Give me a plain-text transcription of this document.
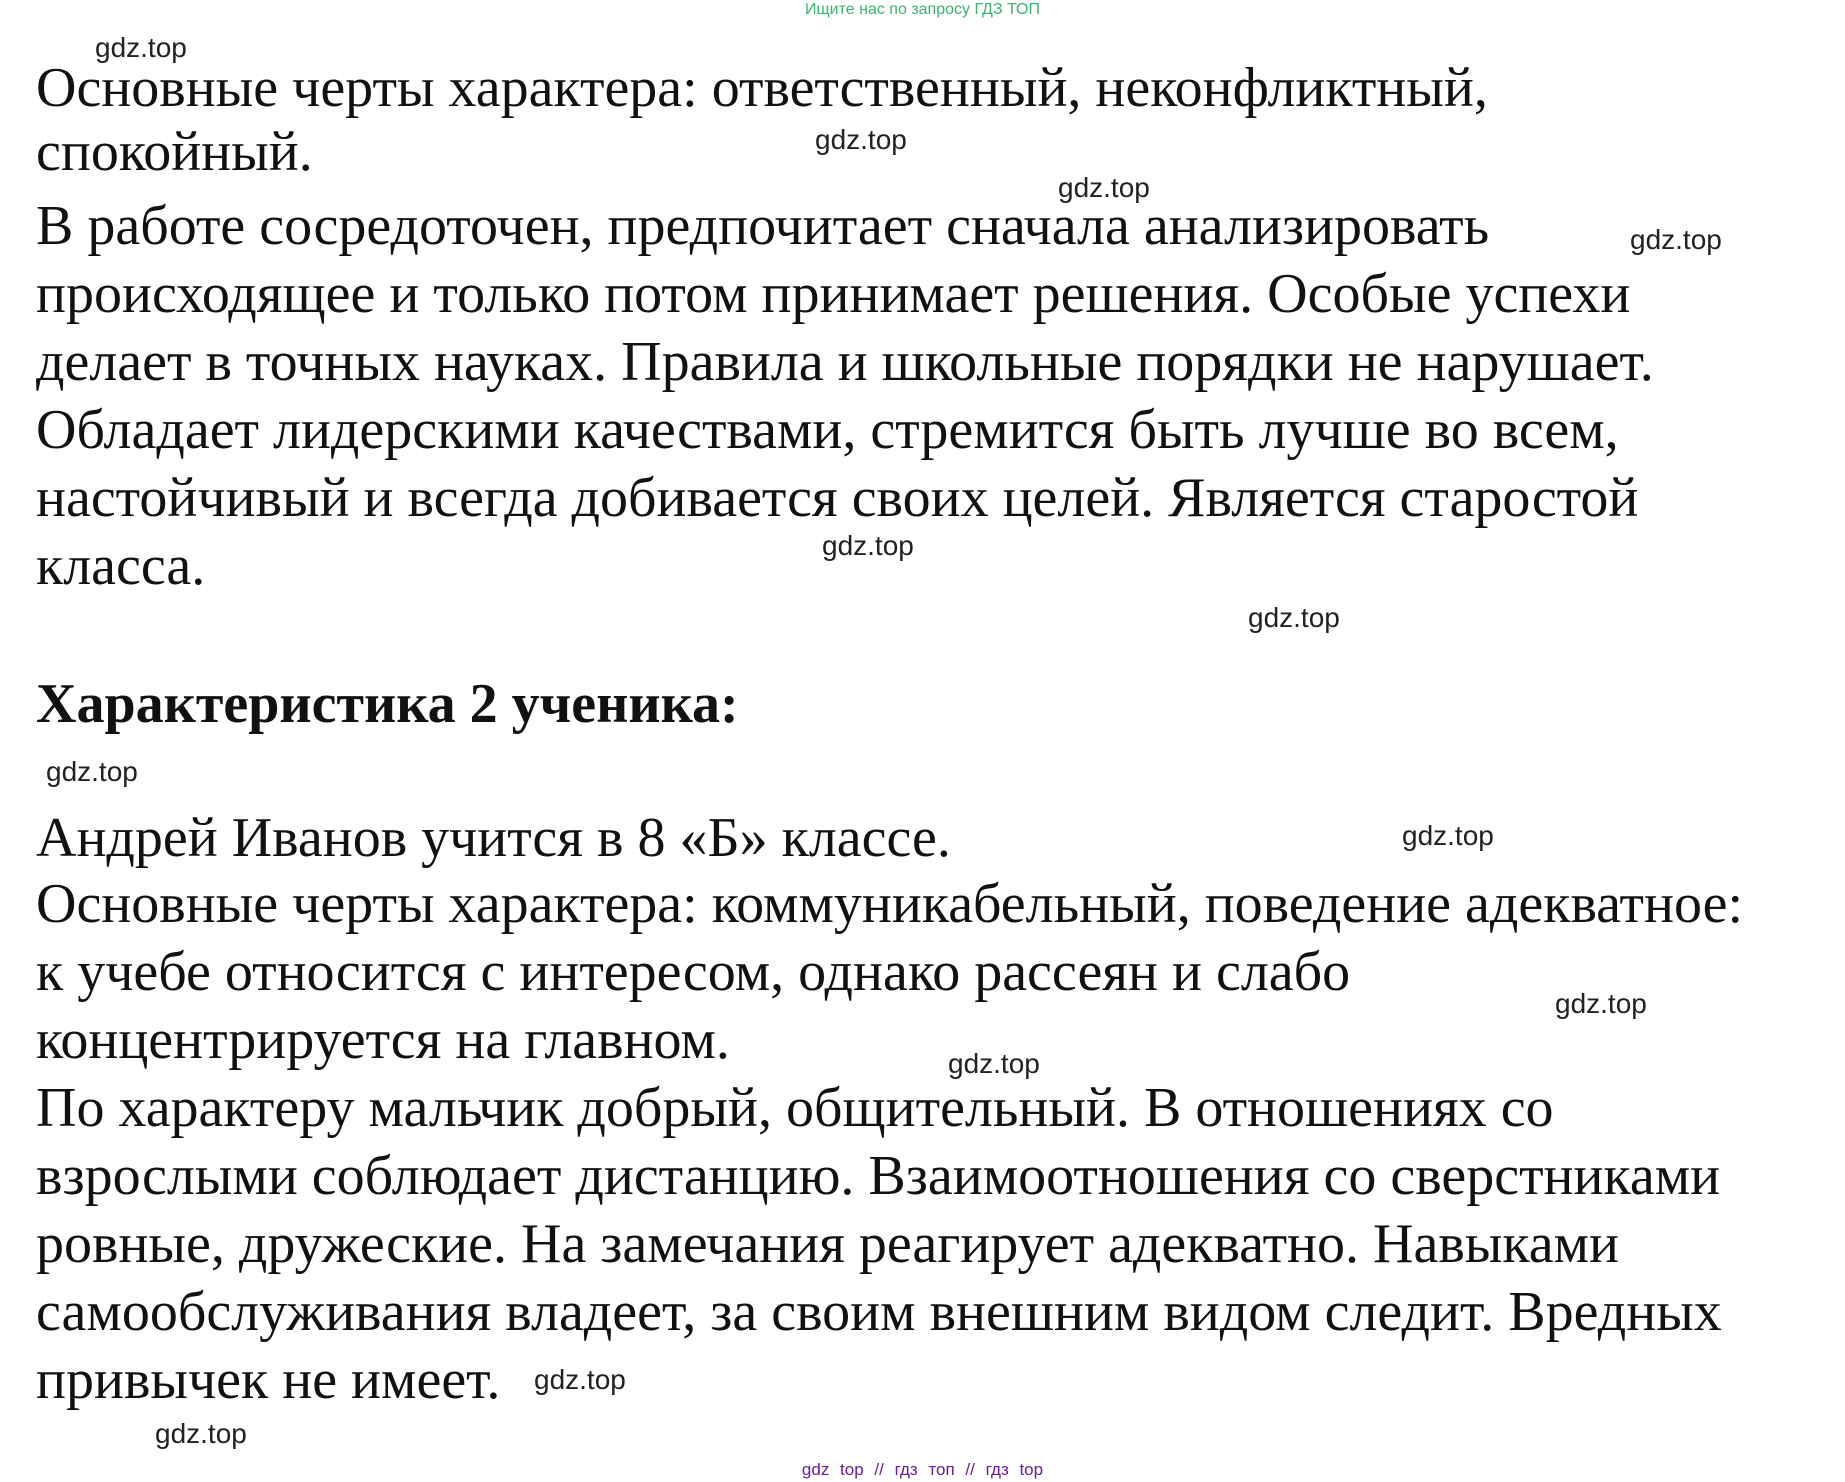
Ищите нас по запросу ГДЗ ТОП
Основные черты характера: ответственный, неконфликтный,
спокойный.
В работе сосредоточен, предпочитает сначала анализировать
происходящее и только потом принимает решения. Особые успехи
делает в точных науках. Правила и школьные порядки не нарушает.
Обладает лидерскими качествами, стремится быть лучше во всем,
настойчивый и всегда добивается своих целей. Является старостой
класса.
Характеристика 2 ученика:
Андрей Иванов учится в 8 «Б» классе.
Основные черты характера: коммуникабельный, поведение адекватное:
к учебе относится с интересом, однако рассеян и слабо
концентрируется на главном.
По характеру мальчик добрый, общительный. В отношениях со
взрослыми соблюдает дистанцию. Взаимоотношения со сверстниками
ровные, дружеские. На замечания реагирует адекватно. Навыками
самообслуживания владеет, за своим внешним видом следит. Вредных
привычек не имеет.
gdz.top
gdz.top
gdz.top
gdz.top
gdz.top
gdz.top
gdz.top
gdz.top
gdz.top
gdz.top
gdz.top
gdz.top
gdz top // гдз топ // гдз top
